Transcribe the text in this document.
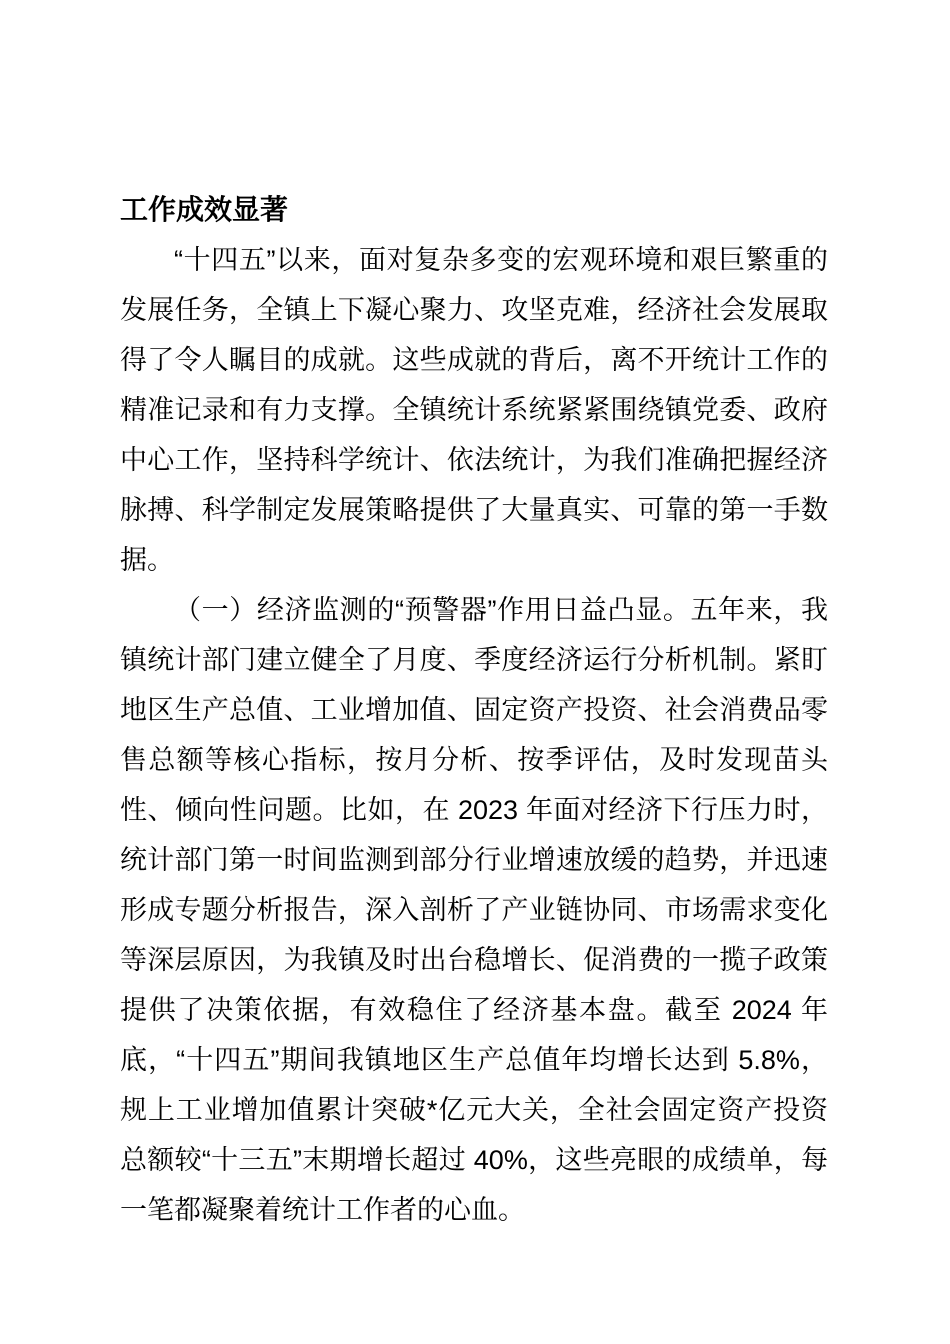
工作成效显著

“十四五”以来，面对复杂多变的宏观环境和艰巨繁重的发展任务，全镇上下凝心聚力、攻坚克难，经济社会发展取得了令人瞩目的成就。这些成就的背后，离不开统计工作的精准记录和有力支撑。全镇统计系统紧紧围绕镇党委、政府中心工作，坚持科学统计、依法统计，为我们准确把握经济脉搏、科学制定发展策略提供了大量真实、可靠的第一手数据。

（一）经济监测的“预警器”作用日益凸显。五年来，我镇统计部门建立健全了月度、季度经济运行分析机制。紧盯地区生产总值、工业增加值、固定资产投资、社会消费品零售总额等核心指标，按月分析、按季评估，及时发现苗头性、倾向性问题。比如，在 2023 年面对经济下行压力时，统计部门第一时间监测到部分行业增速放缓的趋势，并迅速形成专题分析报告，深入剖析了产业链协同、市场需求变化等深层原因，为我镇及时出台稳增长、促消费的一揽子政策提供了决策依据，有效稳住了经济基本盘。截至 2024 年底，“十四五”期间我镇地区生产总值年均增长达到 5.8%，规上工业增加值累计突破*亿元大关，全社会固定资产投资总额较“十三五”末期增长超过 40%，这些亮眼的成绩单，每一笔都凝聚着统计工作者的心血。
